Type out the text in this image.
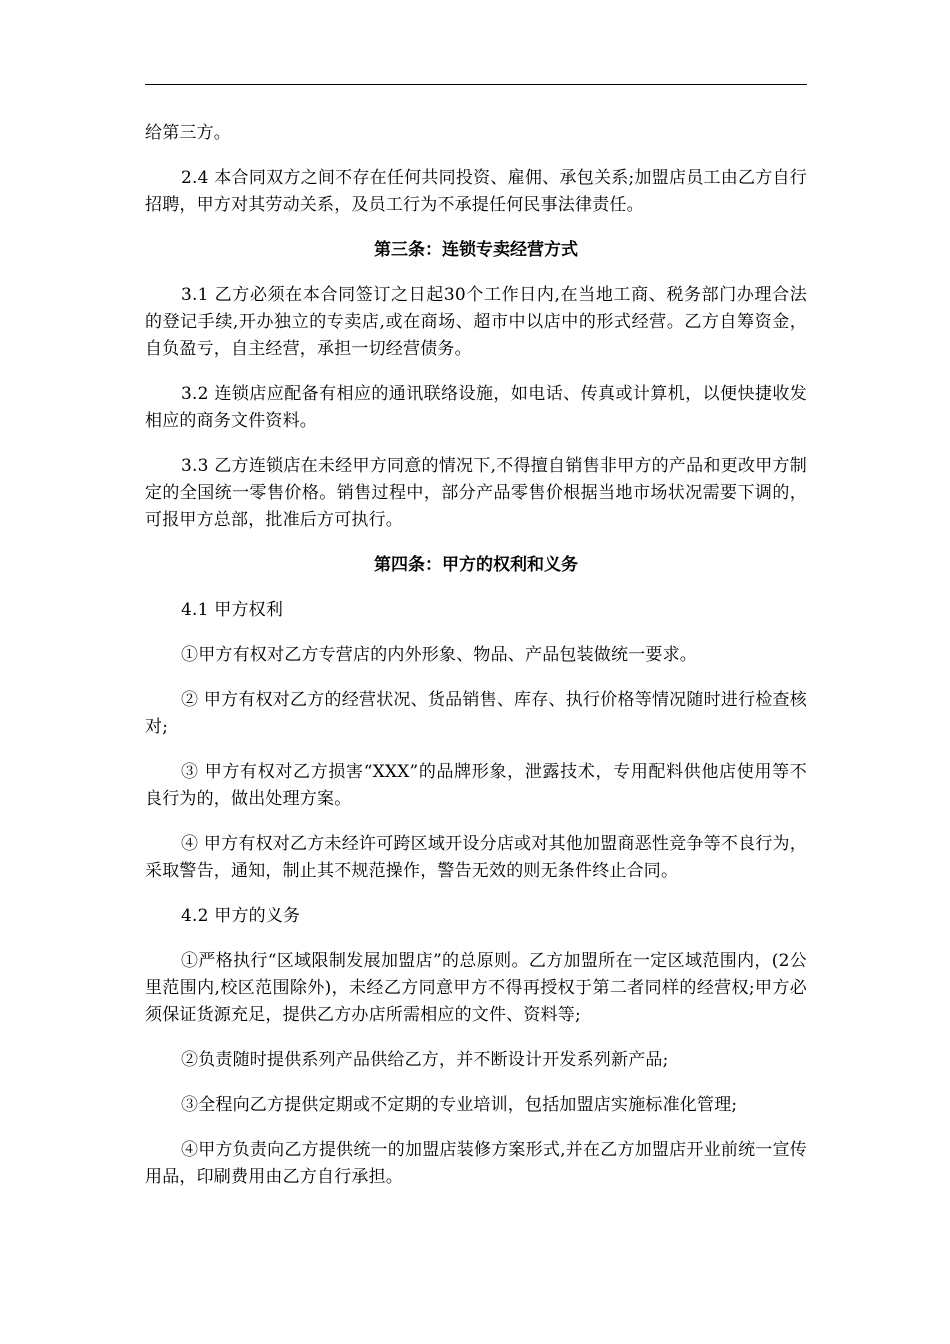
给第三方。

2.4 本合同双方之间不存在任何共同投资、雇佣、承包关系;加盟店员工由乙方自行招聘，甲方对其劳动关系，及员工行为不承提任何民事法律责任。

第三条：连锁专卖经营方式

3.1 乙方必须在本合同签订之日起30个工作日内,在当地工商、税务部门办理合法的登记手续,开办独立的专卖店,或在商场、超市中以店中的形式经营。乙方自筹资金，自负盈亏，自主经营，承担一切经营债务。

3.2 连锁店应配备有相应的通讯联络设施，如电话、传真或计算机，以便快捷收发相应的商务文件资料。

3.3 乙方连锁店在未经甲方同意的情况下,不得擅自销售非甲方的产品和更改甲方制定的全国统一零售价格。销售过程中，部分产品零售价根据当地市场状况需要下调的，可报甲方总部，批准后方可执行。

第四条：甲方的权利和义务

4.1 甲方权利

①甲方有权对乙方专营店的内外形象、物品、产品包装做统一要求。

② 甲方有权对乙方的经营状况、货品销售、库存、执行价格等情况随时进行检查核对;

③ 甲方有权对乙方损害“XXX”的品牌形象，泄露技术，专用配料供他店使用等不良行为的，做出处理方案。

④ 甲方有权对乙方未经许可跨区域开设分店或对其他加盟商恶性竞争等不良行为，采取警告，通知，制止其不规范操作，警告无效的则无条件终止合同。

4.2 甲方的义务

①严格执行“区域限制发展加盟店”的总原则。乙方加盟所在一定区域范围内，(2公里范围内,校区范围除外)，未经乙方同意甲方不得再授权于第二者同样的经营权;甲方必须保证货源充足，提供乙方办店所需相应的文件、资料等;

②负责随时提供系列产品供给乙方，并不断设计开发系列新产品;

③全程向乙方提供定期或不定期的专业培训，包括加盟店实施标准化管理;

④甲方负责向乙方提供统一的加盟店装修方案形式,并在乙方加盟店开业前统一宣传用品，印刷费用由乙方自行承担。
